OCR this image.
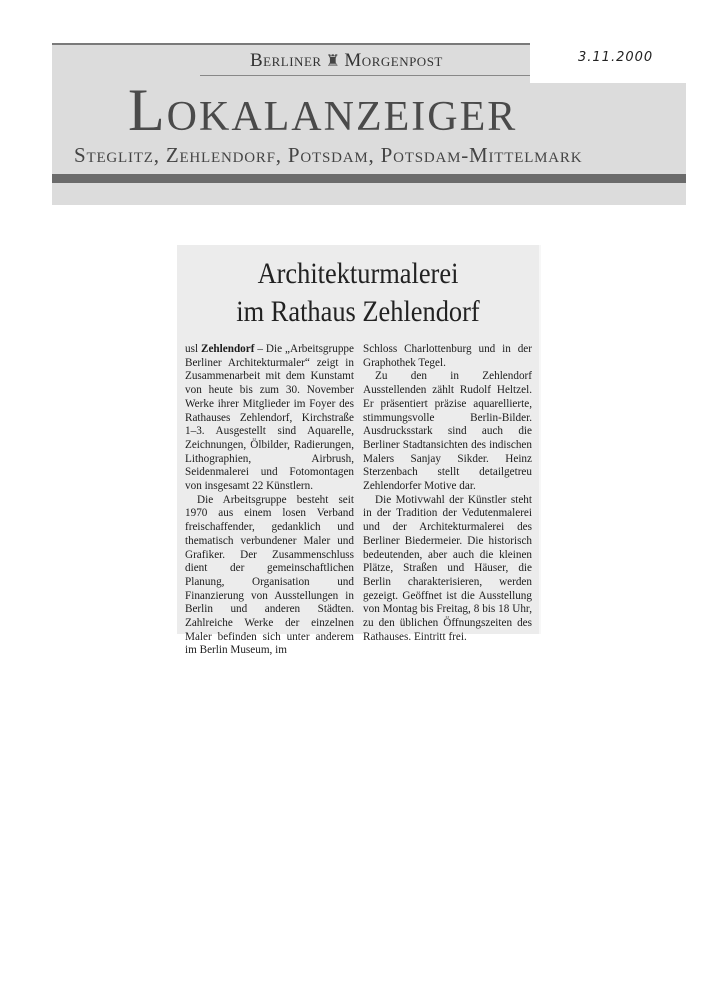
Berliner ♜ Morgenpost
Lokalanzeiger
Steglitz, Zehlendorf, Potsdam, Potsdam-Mittelmark
3.11.2000
Architekturmalerei
im Rathaus Zehlendorf

usl Zehlendorf – Die „Arbeitsgruppe Berliner Architekturmaler“ zeigt in Zusammenarbeit mit dem Kunstamt von heute bis zum 30. November Werke ihrer Mitglieder im Foyer des Rathauses Zehlendorf, Kirchstraße 1–3. Ausgestellt sind Aquarelle, Zeichnungen, Ölbilder, Radierungen, Lithographien, Airbrush, Seidenmalerei und Fotomontagen von insgesamt 22 Künstlern.

Die Arbeitsgruppe besteht seit 1970 aus einem losen Verband freischaffender, gedanklich und thematisch verbundener Maler und Grafiker. Der Zusammenschluss dient der gemeinschaftlichen Planung, Organisation und Finanzierung von Ausstellungen in Berlin und anderen Städten. Zahlreiche Werke der einzelnen Maler befinden sich unter anderem im Berlin Museum, im

Schloss Charlottenburg und in der Graphothek Tegel.

Zu den in Zehlendorf Ausstellenden zählt Rudolf Heltzel. Er präsentiert präzise aquarellierte, stimmungsvolle Berlin-Bilder. Ausdrucksstark sind auch die Berliner Stadtansichten des indischen Malers Sanjay Sikder. Heinz Sterzenbach stellt detailgetreu Zehlendorfer Motive dar.

Die Motivwahl der Künstler steht in der Tradition der Vedutenmalerei und der Architekturmalerei des Berliner Biedermeier. Die historisch bedeutenden, aber auch die kleinen Plätze, Straßen und Häuser, die Berlin charakterisieren, werden gezeigt. Geöffnet ist die Ausstellung von Montag bis Freitag, 8 bis 18 Uhr, zu den üblichen Öffnungszeiten des Rathauses. Eintritt frei.
